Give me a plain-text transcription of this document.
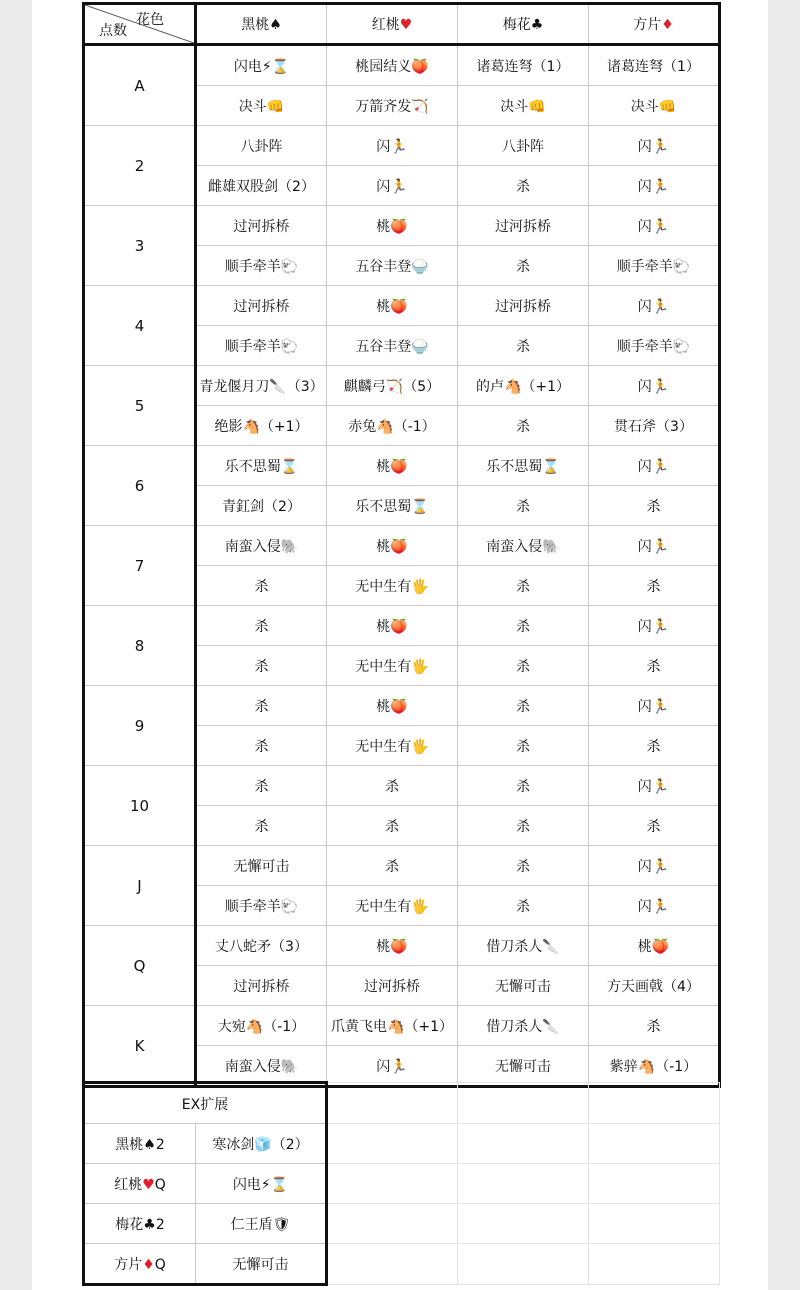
花色
点数	黑桃♠	红桃♥	梅花♣	方片♦
A	闪电⚡⌛	桃园结义🍑	诸葛连弩（1）	诸葛连弩（1）
	决斗👊	万箭齐发🏹	决斗👊	决斗👊
2	八卦阵	闪🏃	八卦阵	闪🏃
	雌雄双股剑（2）	闪🏃	杀	闪🏃
3	过河拆桥	桃🍑	过河拆桥	闪🏃
	顺手牵羊🐑	五谷丰登🍚	杀	顺手牵羊🐑
4	过河拆桥	桃🍑	过河拆桥	闪🏃
	顺手牵羊🐑	五谷丰登🍚	杀	顺手牵羊🐑
5	青龙偃月刀🔪（3）	麒麟弓🏹（5）	的卢🐴（+1）	闪🏃
	绝影🐴（+1）	赤兔🐴（-1）	杀	贯石斧（3）
6	乐不思蜀⌛	桃🍑	乐不思蜀⌛	闪🏃
	青釭剑（2）	乐不思蜀⌛	杀	杀
7	南蛮入侵🐘	桃🍑	南蛮入侵🐘	闪🏃
	杀	无中生有🖐	杀	杀
8	杀	桃🍑	杀	闪🏃
	杀	无中生有🖐	杀	杀
9	杀	桃🍑	杀	闪🏃
	杀	无中生有🖐	杀	杀
10	杀	杀	杀	闪🏃
	杀	杀	杀	杀
J	无懈可击	杀	杀	闪🏃
	顺手牵羊🐑	无中生有🖐	杀	闪🏃
Q	丈八蛇矛（3）	桃🍑	借刀杀人🔪	桃🍑
	过河拆桥	过河拆桥	无懈可击	方天画戟（4）
K	大宛🐴（-1）	爪黄飞电🐴（+1）	借刀杀人🔪	杀
	南蛮入侵🐘	闪🏃	无懈可击	紫骍🐴（-1）
EX扩展				
黑桃♠2	寒冰剑🧊（2）			
红桃♥Q	闪电⚡⌛			
梅花♣2	仁王盾🛡			
方片♦Q	无懈可击			
